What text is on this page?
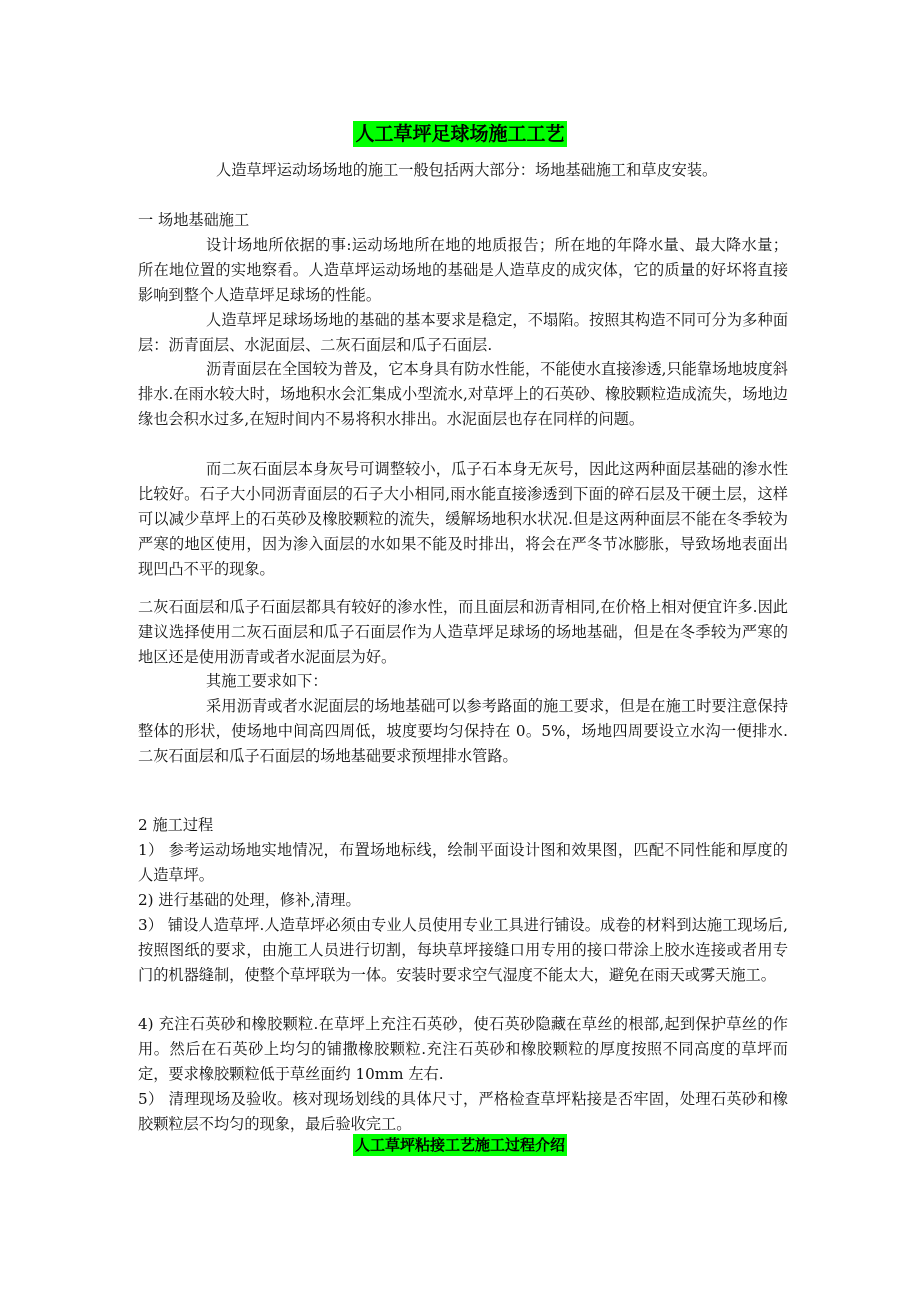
人工草坪足球场施工工艺

人造草坪运动场场地的施工一般包括两大部分：场地基础施工和草皮安装。

一 场地基础施工

设计场地所依据的事:运动场地所在地的地质报告；所在地的年降水量、最大降水量；所在地位置的实地察看。人造草坪运动场地的基础是人造草皮的成灾体，它的质量的好坏将直接影响到整个人造草坪足球场的性能。

人造草坪足球场场地的基础的基本要求是稳定，不塌陷。按照其构造不同可分为多种面层：沥青面层、水泥面层、二灰石面层和瓜子石面层.

沥青面层在全国较为普及，它本身具有防水性能，不能使水直接渗透,只能靠场地坡度斜排水.在雨水较大时，场地积水会汇集成小型流水,对草坪上的石英砂、橡胶颗粒造成流失，场地边缘也会积水过多,在短时间内不易将积水排出。水泥面层也存在同样的问题。

而二灰石面层本身灰号可调整较小，瓜子石本身无灰号，因此这两种面层基础的渗水性比较好。石子大小同沥青面层的石子大小相同,雨水能直接渗透到下面的碎石层及干硬土层，这样可以减少草坪上的石英砂及橡胶颗粒的流失，缓解场地积水状况.但是这两种面层不能在冬季较为严寒的地区使用，因为渗入面层的水如果不能及时排出，将会在严冬节冰膨胀，导致场地表面出现凹凸不平的现象。

二灰石面层和瓜子石面层都具有较好的渗水性，而且面层和沥青相同,在价格上相对便宜许多.因此建议选择使用二灰石面层和瓜子石面层作为人造草坪足球场的场地基础，但是在冬季较为严寒的地区还是使用沥青或者水泥面层为好。

其施工要求如下：

采用沥青或者水泥面层的场地基础可以参考路面的施工要求，但是在施工时要注意保持整体的形状，使场地中间高四周低，坡度要均匀保持在 0。5%，场地四周要设立水沟一便排水.二灰石面层和瓜子石面层的场地基础要求预埋排水管路。

2 施工过程

1） 参考运动场地实地情况，布置场地标线，绘制平面设计图和效果图，匹配不同性能和厚度的人造草坪。

2) 进行基础的处理，修补,清理。

3） 铺设人造草坪.人造草坪必须由专业人员使用专业工具进行铺设。成卷的材料到达施工现场后,按照图纸的要求，由施工人员进行切割，每块草坪接缝口用专用的接口带涂上胶水连接或者用专门的机器缝制，使整个草坪联为一体。安装时要求空气湿度不能太大，避免在雨天或雾天施工。

4) 充注石英砂和橡胶颗粒.在草坪上充注石英砂，使石英砂隐藏在草丝的根部,起到保护草丝的作用。然后在石英砂上均匀的铺撒橡胶颗粒.充注石英砂和橡胶颗粒的厚度按照不同高度的草坪而定，要求橡胶颗粒低于草丝面约 10mm 左右.

5） 清理现场及验收。核对现场划线的具体尺寸，严格检查草坪粘接是否牢固，处理石英砂和橡胶颗粒层不均匀的现象，最后验收完工。

人工草坪粘接工艺施工过程介绍
